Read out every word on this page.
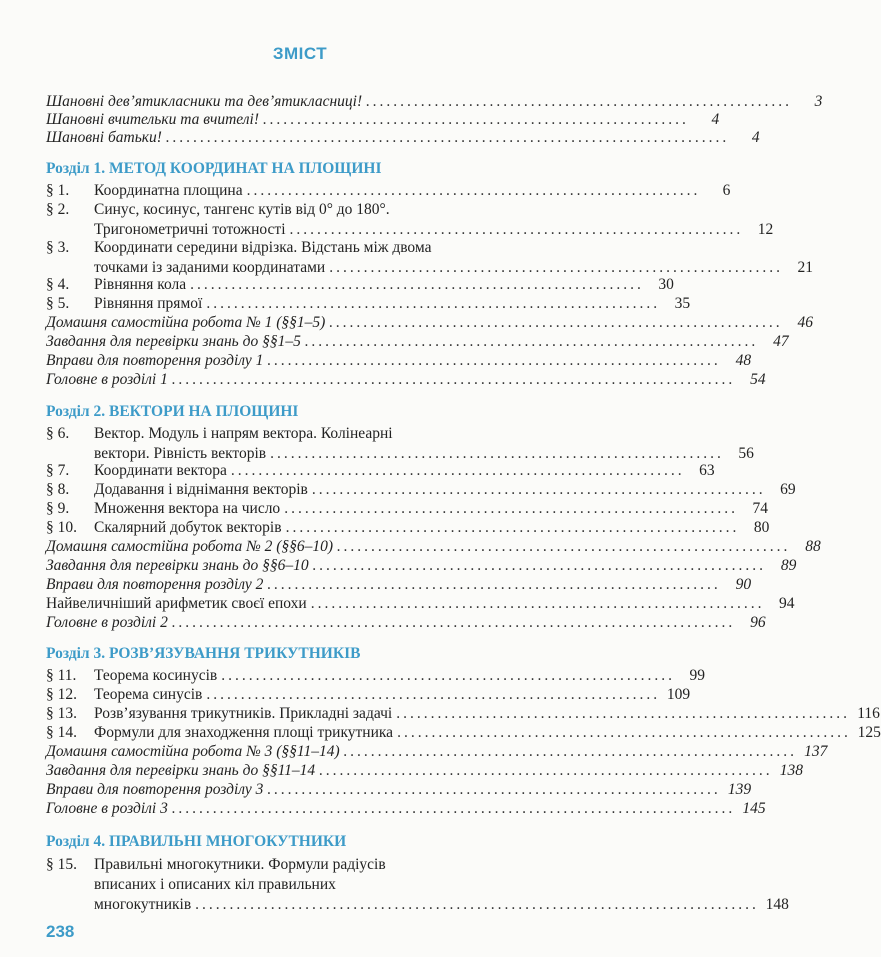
ЗМІСТ
Шановні дев’ятикласники та дев’ятикласниці! ..............................................................	3
Шановні вчительки та вчителі! ..............................................................	4
Шановні батьки! ..................................................................................	4
Розділ 1. МЕТОД КООРДИНАТ НА ПЛОЩИНІ
§ 1.	Координатна площина ..................................................................	6
§ 2.	Синус, косинус, тангенс кутів від 0° до 180°.
Тригонометричні тотожності .................................................................. 12
§ 3.	Координати середини відрізка. Відстань між двома
точками із заданими координатами .................................................................. 21
§ 4.	Рівняння кола .................................................................. 30
§ 5.	Рівняння прямої .................................................................. 35
Домашня самостійна робота № 1 (§§1–5) .................................................................. 46
Завдання для перевірки знань до §§1–5 .................................................................. 47
Вправи для повторення розділу 1 .................................................................. 48
Головне в розділі 1 .................................................................................. 54
Розділ 2. ВЕКТОРИ НА ПЛОЩИНІ
§ 6.	Вектор. Модуль і напрям вектора. Колінеарні
вектори. Рівність векторів .................................................................. 56
§ 7.	Координати вектора .................................................................. 63
§ 8.	Додавання і віднімання векторів .................................................................. 69
§ 9.	Множення вектора на число .................................................................. 74
§ 10.	Скалярний добуток векторів .................................................................. 80
Домашня самостійна робота № 2 (§§6–10) .................................................................. 88
Завдання для перевірки знань до §§6–10 .................................................................. 89
Вправи для повторення розділу 2 .................................................................. 90
Найвеличніший арифметик своєї епохи .................................................................. 94
Головне в розділі 2 .................................................................................. 96
Розділ 3. РОЗВ’ЯЗУВАННЯ ТРИКУТНИКІВ
§ 11.	Теорема косинусів .................................................................. 99
§ 12.	Теорема синусів .................................................................. 109
§ 13.	Розв’язування трикутників. Прикладні задачі .................................................................. 116
§ 14.	Формули для знаходження площі трикутника .................................................................. 125
Домашня самостійна робота № 3 (§§11–14) .................................................................. 137
Завдання для перевірки знань до §§11–14 .................................................................. 138
Вправи для повторення розділу 3 .................................................................. 139
Головне в розділі 3 .................................................................................. 145
Розділ 4. ПРАВИЛЬНІ МНОГОКУТНИКИ
§ 15.	Правильні многокутники. Формули радіусів
вписаних і описаних кіл правильних
многокутників .................................................................................. 148
238
